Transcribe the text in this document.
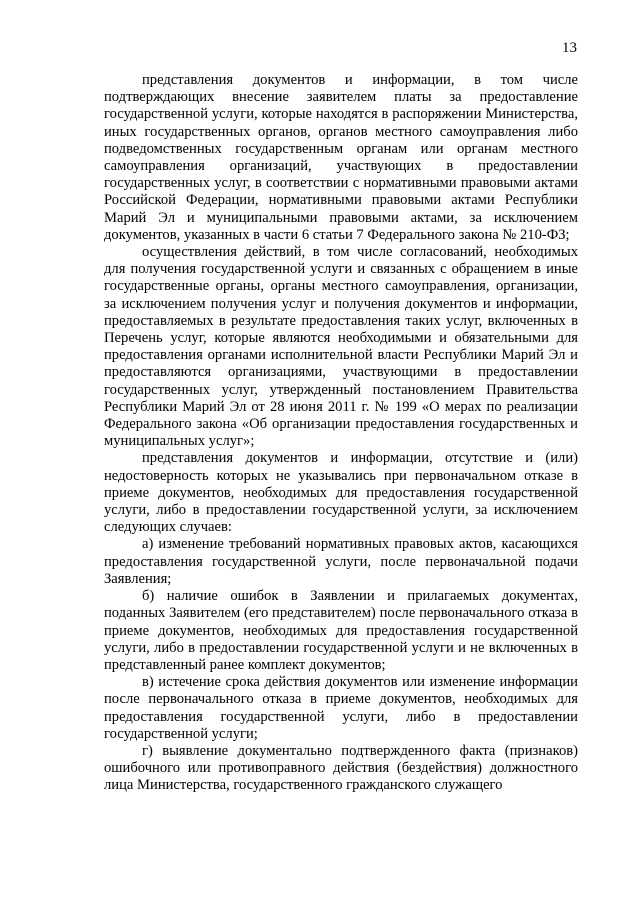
13

представления документов и информации, в том числе подтверждающих внесение заявителем платы за предоставление государственной услуги, которые находятся в распоряжении Министерства, иных государственных органов, органов местного самоуправления либо подведомственных государственным органам или органам местного самоуправления организаций, участвующих в предоставлении государственных услуг, в соответствии с нормативными правовыми актами Российской Федерации, нормативными правовыми актами Республики Марий Эл и муниципальными правовыми актами, за исключением документов, указанных в части 6 статьи 7 Федерального закона № 210-ФЗ;

осуществления действий, в том числе согласований, необходимых для получения государственной услуги и связанных с обращением в иные государственные органы, органы местного самоуправления, организации, за исключением получения услуг и получения документов и информации, предоставляемых в результате предоставления таких услуг, включенных в Перечень услуг, которые являются необходимыми и обязательными для предоставления органами исполнительной власти Республики Марий Эл и предоставляются организациями, участвующими в предоставлении государственных услуг, утвержденный постановлением Правительства Республики Марий Эл от 28 июня 2011 г. № 199 «О мерах по реализации Федерального закона «Об организации предоставления государственных и муниципальных услуг»;

представления документов и информации, отсутствие и (или) недостоверность которых не указывались при первоначальном отказе в приеме документов, необходимых для предоставления государственной услуги, либо в предоставлении государственной услуги, за исключением следующих случаев:

а) изменение требований нормативных правовых актов, касающихся предоставления государственной услуги, после первоначальной подачи Заявления;

б) наличие ошибок в Заявлении и прилагаемых документах, поданных Заявителем (его представителем) после первоначального отказа в приеме документов, необходимых для предоставления государственной услуги, либо в предоставлении государственной услуги и не включенных в представленный ранее комплект документов;

в) истечение срока действия документов или изменение информации после первоначального отказа в приеме документов, необходимых для предоставления государственной услуги, либо в предоставлении государственной услуги;

г) выявление документально подтвержденного факта (признаков) ошибочного или противоправного действия (бездействия) должностного лица Министерства, государственного гражданского служащего
